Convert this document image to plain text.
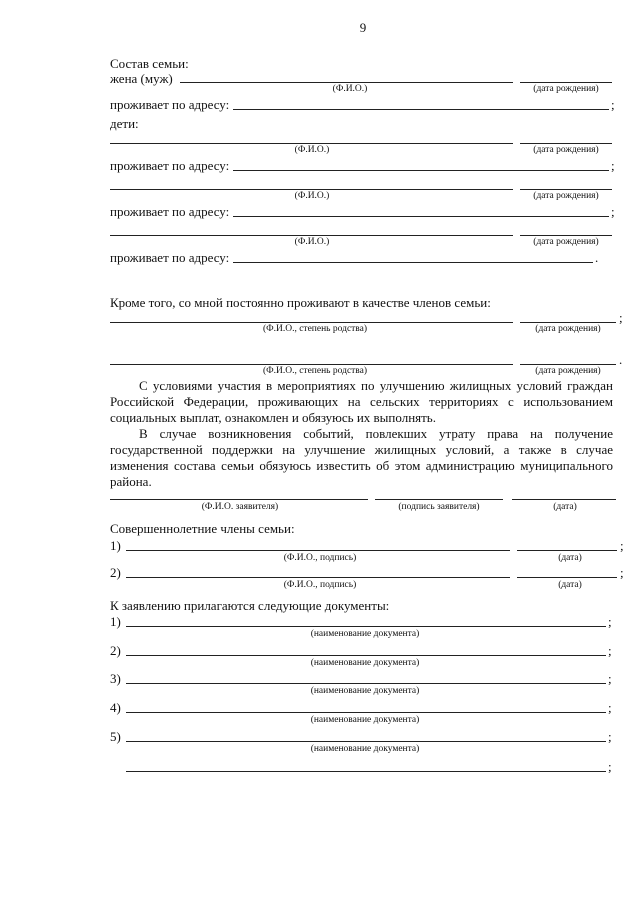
9
Состав семьи:
жена (муж)
(Ф.И.О.)	(дата рождения)
проживает по адресу:	;
дети:
(Ф.И.О.)	(дата рождения)
проживает по адресу:	;
(Ф.И.О.)	(дата рождения)
проживает по адресу:	;
(Ф.И.О.)	(дата рождения)
проживает по адресу:	.
Кроме того, со мной постоянно проживают в качестве членов семьи:
;
(Ф.И.О., степень родства)	(дата рождения)
.
(Ф.И.О., степень родства)	(дата рождения)

С условиями участия в мероприятиях по улучшению жилищных условий граждан Российской Федерации, проживающих на сельских территориях с использованием социальных выплат, ознакомлен и обязуюсь их выполнять.

В случае возникновения событий, повлекших утрату права на получение государственной поддержки на улучшение жилищных условий, а также в случае изменения состава семьи обязуюсь известить об этом администрацию муниципального района.

(Ф.И.О. заявителя)	(подпись заявителя)	(дата)
Совершеннолетние члены семьи:
1)	;
(Ф.И.О., подпись)	(дата)
2)	;
(Ф.И.О., подпись)	(дата)
К заявлению прилагаются следующие документы:
1)	;
(наименование документа)
2)	;
(наименование документа)
3)	;
(наименование документа)
4)	;
(наименование документа)
5)	;
(наименование документа)
;
